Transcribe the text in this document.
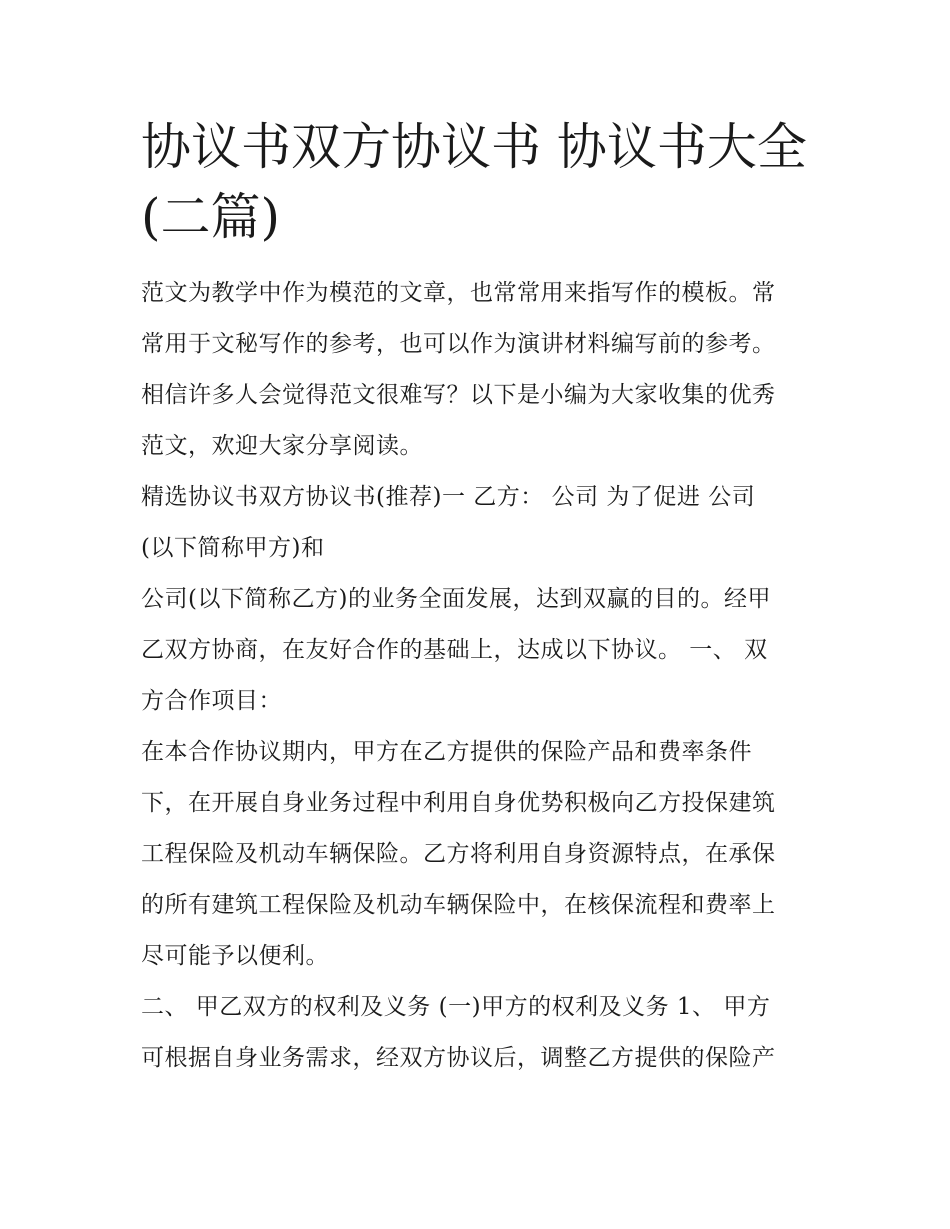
协议书双方协议书 协议书大全
(二篇)
范文为教学中作为模范的文章，也常常用来指写作的模板。常
常用于文秘写作的参考，也可以作为演讲材料编写前的参考。
相信许多人会觉得范文很难写？以下是小编为大家收集的优秀
范文，欢迎大家分享阅读。
精选协议书双方协议书(推荐)一 乙方： 公司 为了促进 公司
(以下简称甲方)和
公司(以下简称乙方)的业务全面发展，达到双赢的目的。经甲
乙双方协商，在友好合作的基础上，达成以下协议。 一、 双
方合作项目：
在本合作协议期内，甲方在乙方提供的保险产品和费率条件
下，在开展自身业务过程中利用自身优势积极向乙方投保建筑
工程保险及机动车辆保险。乙方将利用自身资源特点，在承保
的所有建筑工程保险及机动车辆保险中，在核保流程和费率上
尽可能予以便利。
二、 甲乙双方的权利及义务 (一)甲方的权利及义务 1、 甲方
可根据自身业务需求，经双方协议后，调整乙方提供的保险产
